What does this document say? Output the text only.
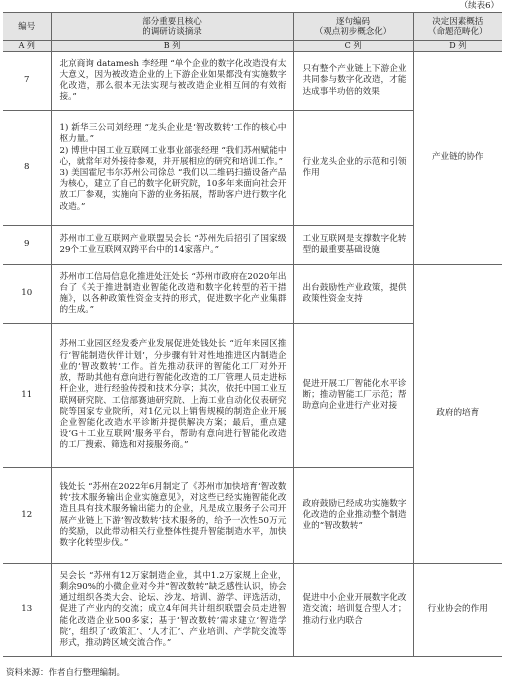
（续表6）
编号	部分重要且核心
的调研访谈摘录	逐句编码
（观点初步概念化）	决定因素概括
（命题范畴化）

A 列	B 列	C 列	D 列
7	北京商询 datamesh 李经理 “单个企业的数字化改造没有太大意义，因为被改造企业的上下游企业如果都没有实施数字化改造，那么很本无法实现与被改造企业相互间的有效衔接。”	只有整个产业链上下游企业共同参与数字化改造，才能达成事半功倍的效果	产业链的协作
8	1) 新华三公司刘经理 “龙头企业是‘智改数转’工作的核心中枢力量。”
2) 博世中国工业互联网工业事业部张经理 “我们苏州赋能中心，就常年对外接待参观，并开展相应的研究和培训工作。”
3) 美国霍尼韦尔苏州公司徐总 “我们以二维码扫描设备产品为核心，建立了自己的数字化研究院，10多年来面向社会开放工厂参观，实施向下游的业务拓展，帮助客户进行数字化改造。”	行业龙头企业的示范和引领作用	
9	苏州市工业互联网产业联盟吴会长 “苏州先后招引了国家级29个工业互联网双跨平台中的14家落户。”	工业互联网是支撑数字化转型的最重要基础设施	
10	苏州市工信局信息化推进处汪处长 “苏州市政府在2020年出台了《关于推进制造业智能化改造和数字化转型的若干措施》，以各种政策性资金支持的形式，促进数字化产业集群的生成。”	出台鼓励性产业政策，提供政策性资金支持	政府的培育
11	苏州工业园区经发委产业发展促进处钱处长 “近年来园区推行‘智能制造伙伴计划’，分步骤有针对性地推进区内制造企业的‘智改数转’工作。首先推动获评的智能化工厂对外开放，帮助其他有意向进行智能化改造的工厂管理人员走进标杆企业，进行经验传授和技术分享；其次，依托中国工业互联网研究院、工信部赛迪研究院、上海工业自动化仪表研究院等国家专业院所，对1亿元以上销售规模的制造企业开展企业智能化改造水平诊断并提供解决方案；最后，重点建设‘G＋工业互联网’服务平台，帮助有意向进行智能化改造的工厂搜索、筛选和对接服务商。”	促进开展工厂智能化水平诊断；推动智能工厂示范；帮助意向企业进行产业对接	
12	钱处长 “苏州在2022年6月制定了《苏州市加快培育‘智改数转’技术服务输出企业实施意见》，对这些已经实施智能化改造且具有技术服务输出能力的企业，凡是成立服务子公司开展产业链上下游‘智改数转’技术服务的，给予一次性50万元的奖励，以此带动相关行业整体性提升智能制造水平，加快数字化转型步伐。”	政府鼓励已经成功实施数字化改造的企业推动整个制造业的“智改数转”	
13	吴会长 “苏州有12万家制造企业，其中1.2万家规上企业，剩余90%的小微企业对今并“智改数转”缺乏感性认识，协会通过组织各类大会、论坛、沙龙、培训、游学、评选活动，促进了产业内的交流；成立4年间共计组织联盟会员走进智能化改造企业500多家；基于‘智改数转’需求建立‘智造学院’，组织了‘政策汇’、‘人才汇’、产业培训、产学院交流等形式，推动跨区域交流合作。”	促进中小企业开展数字化改造交流；培训复合型人才；推动行业内联合	行业协会的作用
资料来源：作者自行整理编制。
